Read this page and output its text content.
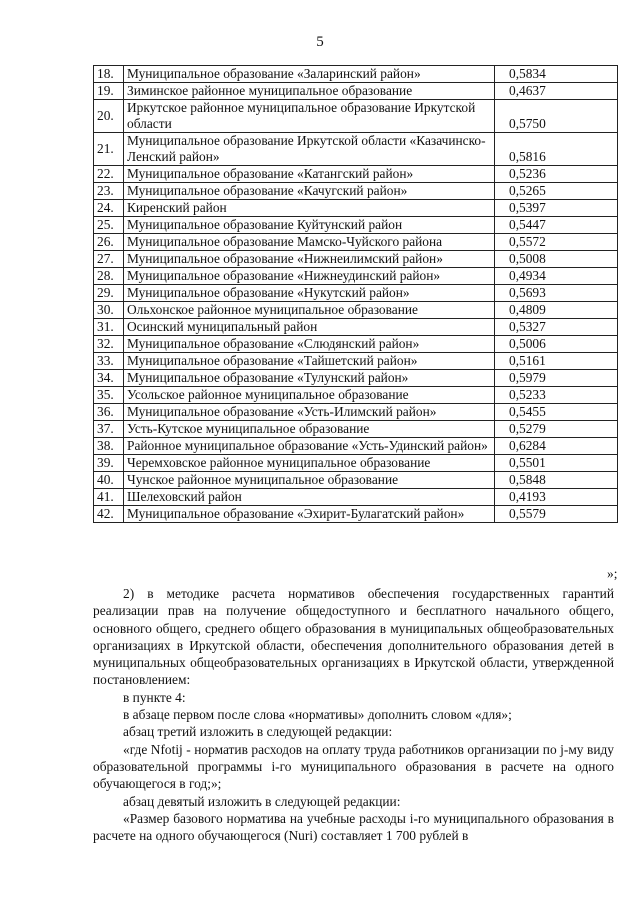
5
18.	Муниципальное образование «Заларинский район»	0,5834
19.	Зиминское районное муниципальное образование	0,4637
20.	Иркутское районное муниципальное образование Иркутской области	0,5750
21.	Муниципальное образование Иркутской области «Казачинско-Ленский район»	0,5816
22.	Муниципальное образование «Катангский район»	0,5236
23.	Муниципальное образование «Качугский район»	0,5265
24.	Киренский район	0,5397
25.	Муниципальное образование Куйтунский район	0,5447
26.	Муниципальное образование Мамско-Чуйского района	0,5572
27.	Муниципальное образование «Нижнеилимский район»	0,5008
28.	Муниципальное образование «Нижнеудинский район»	0,4934
29.	Муниципальное образование «Нукутский район»	0,5693
30.	Ольхонское районное муниципальное образование	0,4809
31.	Осинский муниципальный район	0,5327
32.	Муниципальное образование «Слюдянский район»	0,5006
33.	Муниципальное образование «Тайшетский район»	0,5161
34.	Муниципальное образование «Тулунский район»	0,5979
35.	Усольское районное муниципальное образование	0,5233
36.	Муниципальное образование «Усть-Илимский район»	0,5455
37.	Усть-Кутское муниципальное образование	0,5279
38.	Районное муниципальное образование «Усть-Удинский район»	0,6284
39.	Черемховское районное муниципальное образование	0,5501
40.	Чунское районное муниципальное образование	0,5848
41.	Шелеховский район	0,4193
42.	Муниципальное образование «Эхирит-Булагатский район»	0,5579
»;

2) в методике расчета нормативов обеспечения государственных гарантий реализации прав на получение общедоступного и бесплатного начального общего, основного общего, среднего общего образования в муниципальных общеобразовательных организациях в Иркутской области, обеспечения дополнительного образования детей в муниципальных общеобразовательных организациях в Иркутской области, утвержденной постановлением:

в пункте 4:

в абзаце первом после слова «нормативы» дополнить словом «для»;

абзац третий изложить в следующей редакции:

«где Nfotij - норматив расходов на оплату труда работников организации по j-му виду образовательной программы i-го муниципального образования в расчете на одного обучающегося в год;»;

абзац девятый изложить в следующей редакции:

«Размер базового норматива на учебные расходы i-го муниципального образования в расчете на одного обучающегося (Nuri) составляет 1 700 рублей в
